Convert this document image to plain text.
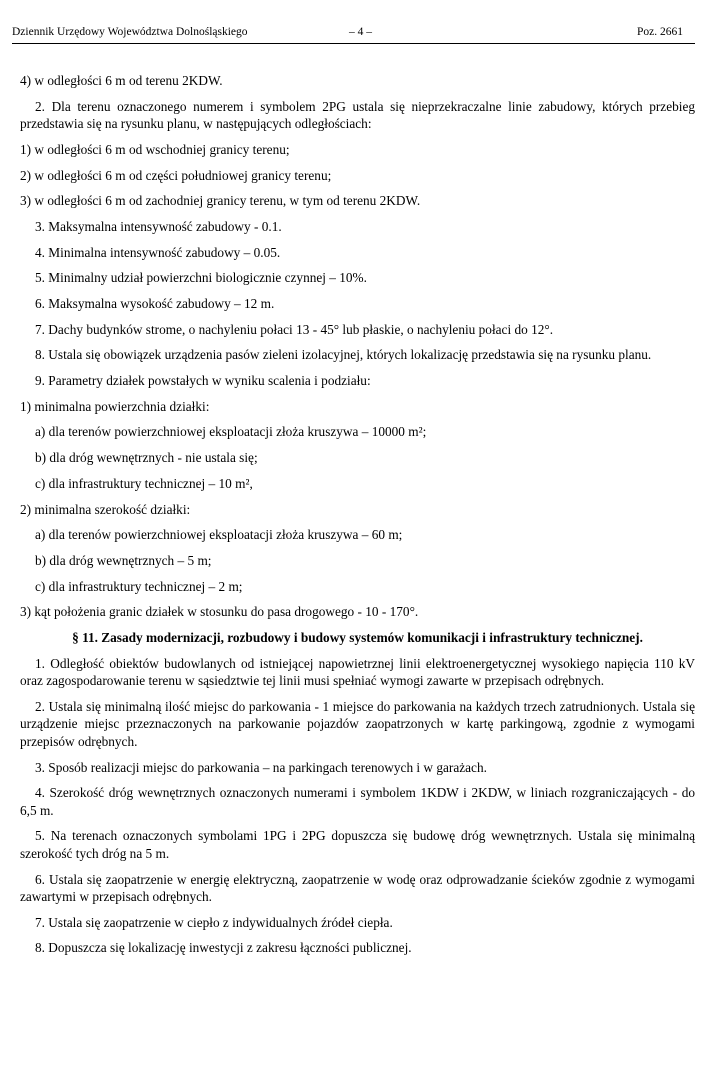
Dziennik Urzędowy Województwa Dolnośląskiego	– 4 –	Poz. 2661

4) w odległości 6 m od terenu 2KDW.

2. Dla terenu oznaczonego numerem i symbolem 2PG ustala się nieprzekraczalne linie zabudowy, których przebieg przedstawia się na rysunku planu, w następujących odległościach:

1) w odległości 6 m od wschodniej granicy terenu;

2) w odległości 6 m od części południowej granicy terenu;

3) w odległości 6 m od zachodniej granicy terenu, w tym od terenu 2KDW.

3. Maksymalna intensywność zabudowy - 0.1.

4. Minimalna intensywność zabudowy – 0.05.

5. Minimalny udział powierzchni biologicznie czynnej – 10%.

6. Maksymalna wysokość zabudowy – 12 m.

7. Dachy budynków strome, o nachyleniu połaci 13 - 45° lub płaskie, o nachyleniu połaci do 12°.

8. Ustala się obowiązek urządzenia pasów zieleni izolacyjnej, których lokalizację przedstawia się na rysunku planu.

9. Parametry działek powstałych w wyniku scalenia i podziału:

1) minimalna powierzchnia działki:

a) dla terenów powierzchniowej eksploatacji złoża kruszywa – 10000 m²;

b) dla dróg wewnętrznych - nie ustala się;

c) dla infrastruktury technicznej – 10 m²,

2) minimalna szerokość działki:

a) dla terenów powierzchniowej eksploatacji złoża kruszywa – 60 m;

b) dla dróg wewnętrznych – 5 m;

c) dla infrastruktury technicznej – 2 m;

3) kąt położenia granic działek w stosunku do pasa drogowego - 10 - 170°.

§ 11. Zasady modernizacji, rozbudowy i budowy systemów komunikacji i infrastruktury technicznej.

1. Odległość obiektów budowlanych od istniejącej napowietrznej linii elektroenergetycznej wysokiego napięcia 110 kV oraz zagospodarowanie terenu w sąsiedztwie tej linii musi spełniać wymogi zawarte w przepisach odrębnych.

2. Ustala się minimalną ilość miejsc do parkowania - 1 miejsce do parkowania na każdych trzech zatrudnionych. Ustala się urządzenie miejsc przeznaczonych na parkowanie pojazdów zaopatrzonych w kartę parkingową, zgodnie z wymogami przepisów odrębnych.

3. Sposób realizacji miejsc do parkowania – na parkingach terenowych i w garażach.

4. Szerokość dróg wewnętrznych oznaczonych numerami i symbolem 1KDW i 2KDW, w liniach rozgraniczających - do 6,5 m.

5. Na terenach oznaczonych symbolami 1PG i 2PG dopuszcza się budowę dróg wewnętrznych. Ustala się minimalną szerokość tych dróg na 5 m.

6. Ustala się zaopatrzenie w energię elektryczną, zaopatrzenie w wodę oraz odprowadzanie ścieków zgodnie z wymogami zawartymi w przepisach odrębnych.

7. Ustala się zaopatrzenie w ciepło z indywidualnych źródeł ciepła.

8. Dopuszcza się lokalizację inwestycji z zakresu łączności publicznej.
